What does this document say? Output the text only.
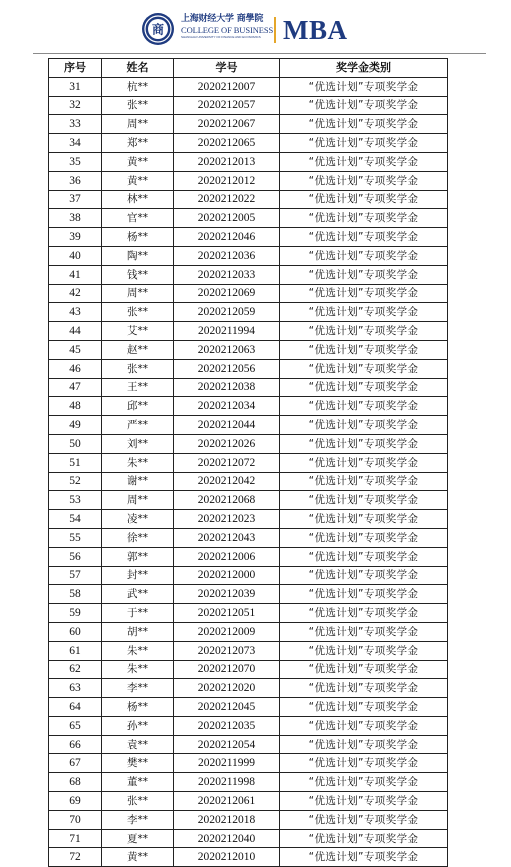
商
上海财经大学 商學院
COLLEGE OF BUSINESS
SHANGHAI UNIVERSITY OF FINANCE AND ECONOMICS MBA
序号	姓名	学号	奖学金类别
31	杭**	2020212007	“优选计划”专项奖学金
32	张**	2020212057	“优选计划”专项奖学金
33	周**	2020212067	“优选计划”专项奖学金
34	郑**	2020212065	“优选计划”专项奖学金
35	黄**	2020212013	“优选计划”专项奖学金
36	黄**	2020212012	“优选计划”专项奖学金
37	林**	2020212022	“优选计划”专项奖学金
38	官**	2020212005	“优选计划”专项奖学金
39	杨**	2020212046	“优选计划”专项奖学金
40	陶**	2020212036	“优选计划”专项奖学金
41	钱**	2020212033	“优选计划”专项奖学金
42	周**	2020212069	“优选计划”专项奖学金
43	张**	2020212059	“优选计划”专项奖学金
44	艾**	2020211994	“优选计划”专项奖学金
45	赵**	2020212063	“优选计划”专项奖学金
46	张**	2020212056	“优选计划”专项奖学金
47	王**	2020212038	“优选计划”专项奖学金
48	邱**	2020212034	“优选计划”专项奖学金
49	严**	2020212044	“优选计划”专项奖学金
50	刘**	2020212026	“优选计划”专项奖学金
51	朱**	2020212072	“优选计划”专项奖学金
52	谢**	2020212042	“优选计划”专项奖学金
53	周**	2020212068	“优选计划”专项奖学金
54	凌**	2020212023	“优选计划”专项奖学金
55	徐**	2020212043	“优选计划”专项奖学金
56	郭**	2020212006	“优选计划”专项奖学金
57	封**	2020212000	“优选计划”专项奖学金
58	武**	2020212039	“优选计划”专项奖学金
59	于**	2020212051	“优选计划”专项奖学金
60	胡**	2020212009	“优选计划”专项奖学金
61	朱**	2020212073	“优选计划”专项奖学金
62	朱**	2020212070	“优选计划”专项奖学金
63	李**	2020212020	“优选计划”专项奖学金
64	杨**	2020212045	“优选计划”专项奖学金
65	孙**	2020212035	“优选计划”专项奖学金
66	袁**	2020212054	“优选计划”专项奖学金
67	樊**	2020211999	“优选计划”专项奖学金
68	董**	2020211998	“优选计划”专项奖学金
69	张**	2020212061	“优选计划”专项奖学金
70	李**	2020212018	“优选计划”专项奖学金
71	夏**	2020212040	“优选计划”专项奖学金
72	黄**	2020212010	“优选计划”专项奖学金
